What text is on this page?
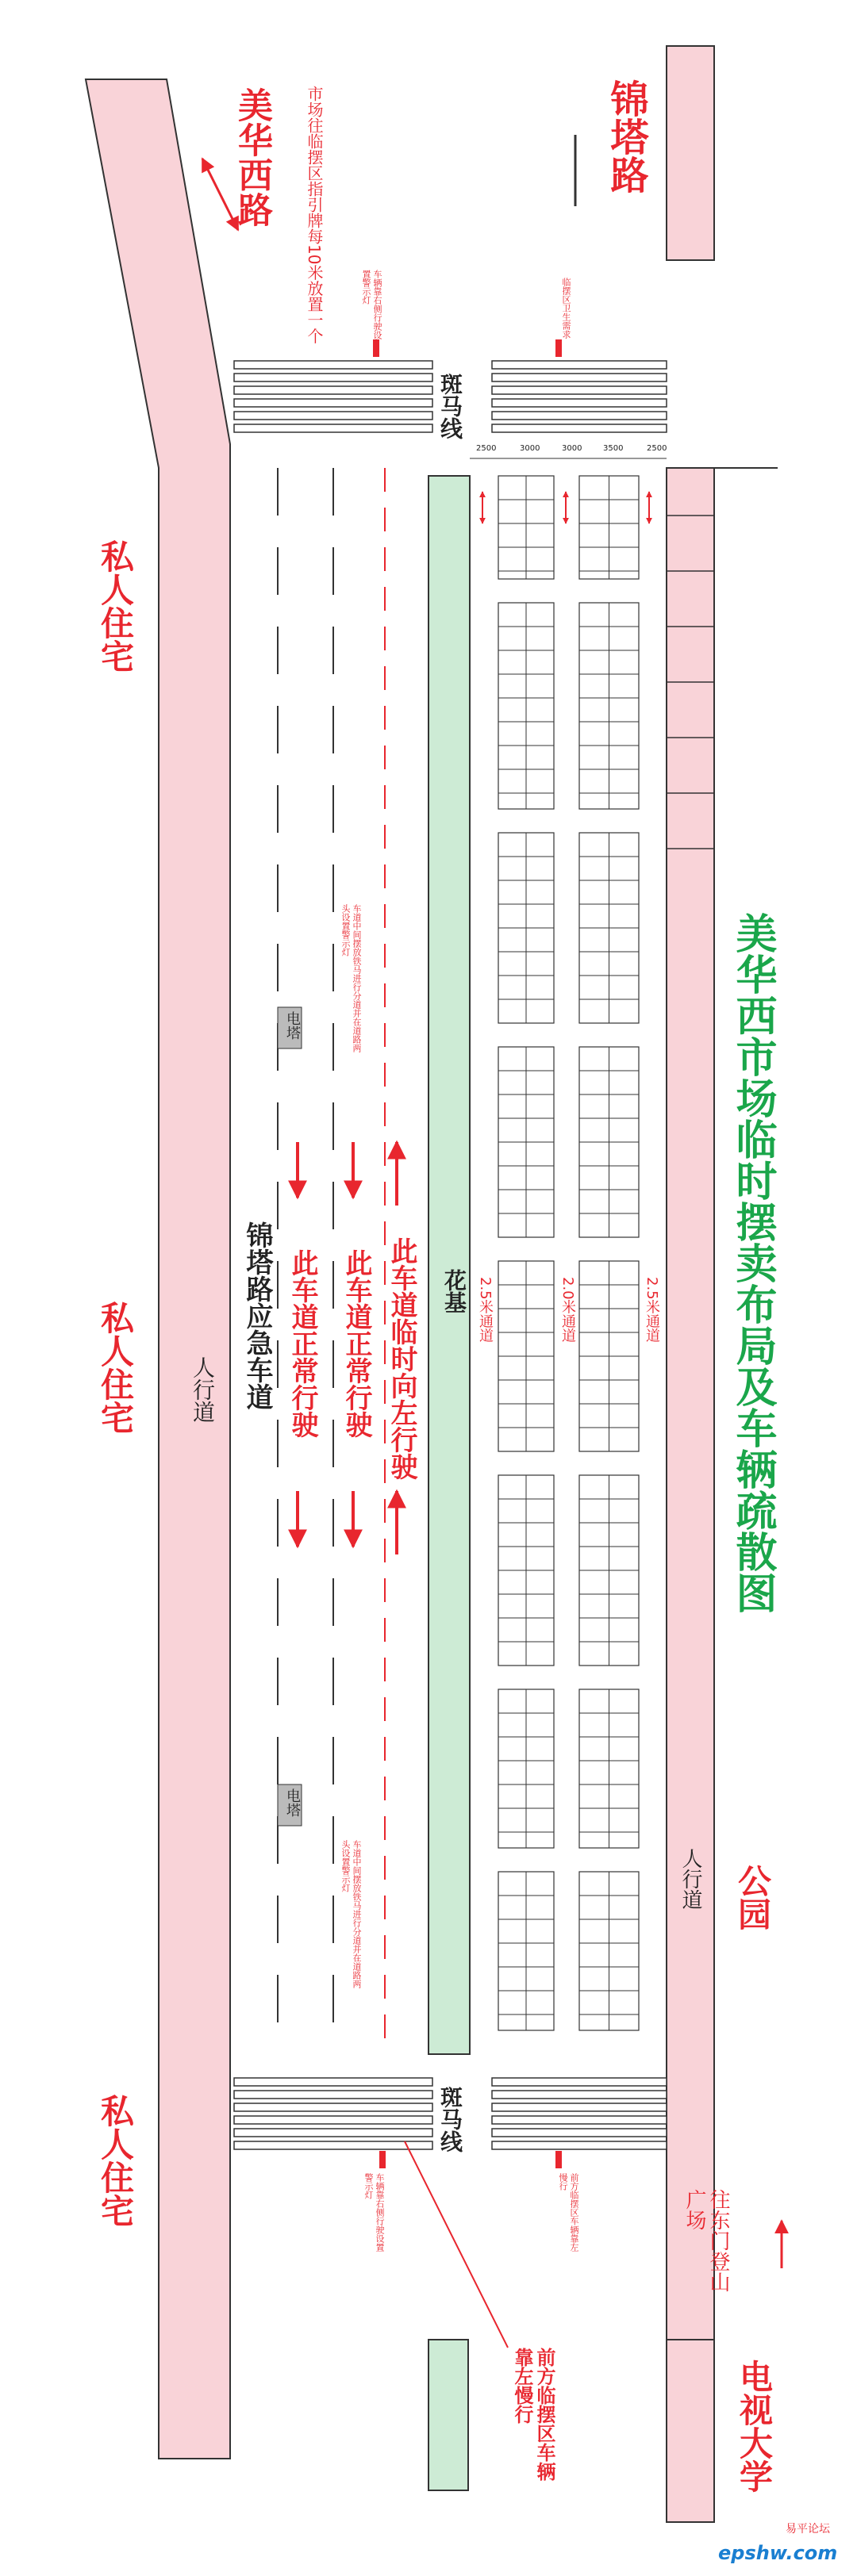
美华西市场临时摆卖布局及车辆疏散图
锦塔路
美华西路	市场往临摆区指引牌每10米放置一个
私人住宅
私人住宅
私人住宅
人行道
人行道 公园
电视大学
往东门登山广场
斑马线
斑马线
花基
电塔
电塔
此车道临时向左行驶
此车道正常行驶
此车道正常行驶
锦塔路应急车道	2.5米通道	2.0米通道	2.5米通道
2500	3000	3000	3500	2500
车辆靠右侧行驶设置警示灯	临摆区卫生需求
车道中间摆放铁马进行分道并在道路两头设置警示灯
车道中间摆放铁马进行分道并在道路两头设置警示灯
车辆靠右侧行驶设置警示灯	前方临摆区车辆靠左慢行
前方临摆区车辆靠左慢行
epshw.com
易平论坛
